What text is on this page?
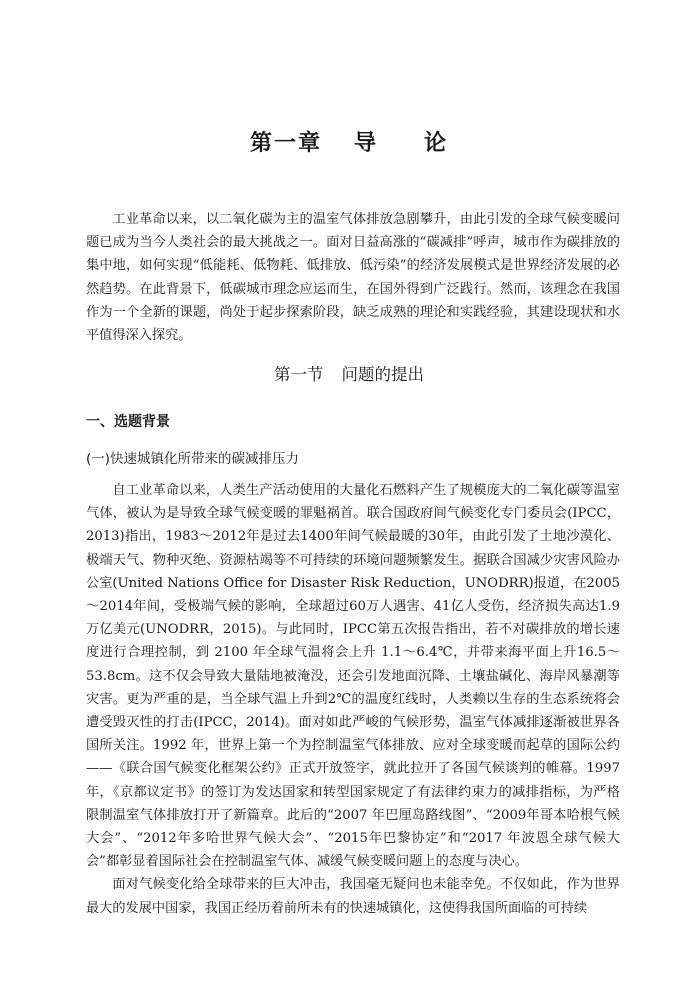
第一章 导 论

工业革命以来，以二氧化碳为主的温室气体排放急剧攀升，由此引发的全球气候变暖问题已成为当今人类社会的最大挑战之一。面对日益高涨的“碳减排”呼声，城市作为碳排放的集中地，如何实现“低能耗、低物耗、低排放、低污染”的经济发展模式是世界经济发展的必然趋势。在此背景下，低碳城市理念应运而生，在国外得到广泛践行。然而，该理念在我国作为一个全新的课题，尚处于起步探索阶段，缺乏成熟的理论和实践经验，其建设现状和水平值得深入探究。

第一节 问题的提出
一、选题背景
(一)快速城镇化所带来的碳减排压力

自工业革命以来，人类生产活动使用的大量化石燃料产生了规模庞大的二氧化碳等温室气体，被认为是导致全球气候变暖的罪魁祸首。联合国政府间气候变化专门委员会(IPCC，2013)指出，1983～2012年是过去1400年间气候最暖的30年，由此引发了土地沙漠化、极端天气、物种灭绝、资源枯竭等不可持续的环境问题频繁发生。据联合国减少灾害风险办公室(United Nations Office for Disaster Risk Reduction，UNODRR)报道，在2005～2014年间，受极端气候的影响，全球超过60万人遇害、41亿人受伤，经济损失高达1.9万亿美元(UNODRR，2015)。与此同时，IPCC第五次报告指出，若不对碳排放的增长速度进行合理控制，到 2100 年全球气温将会上升 1.1～6.4℃，并带来海平面上升16.5～53.8cm。这不仅会导致大量陆地被淹没，还会引发地面沉降、土壤盐碱化、海岸风暴潮等灾害。更为严重的是，当全球气温上升到2℃的温度红线时，人类赖以生存的生态系统将会遭受毁灭性的打击(IPCC，2014)。面对如此严峻的气候形势，温室气体减排逐渐被世界各国所关注。1992 年，世界上第一个为控制温室气体排放、应对全球变暖而起草的国际公约——《联合国气候变化框架公约》正式开放签字，就此拉开了各国气候谈判的帷幕。1997 年，《京都议定书》的签订为发达国家和转型国家规定了有法律约束力的减排指标，为严格限制温室气体排放打开了新篇章。此后的“2007 年巴厘岛路线图”、“2009年哥本哈根气候大会”、“2012年多哈世界气候大会”、“2015年巴黎协定”和“2017 年波恩全球气候大会”都彰显着国际社会在控制温室气体、减缓气候变暖问题上的态度与决心。

面对气候变化给全球带来的巨大冲击，我国毫无疑问也未能幸免。不仅如此，作为世界最大的发展中国家，我国正经历着前所未有的快速城镇化，这使得我国所面临的可持续
